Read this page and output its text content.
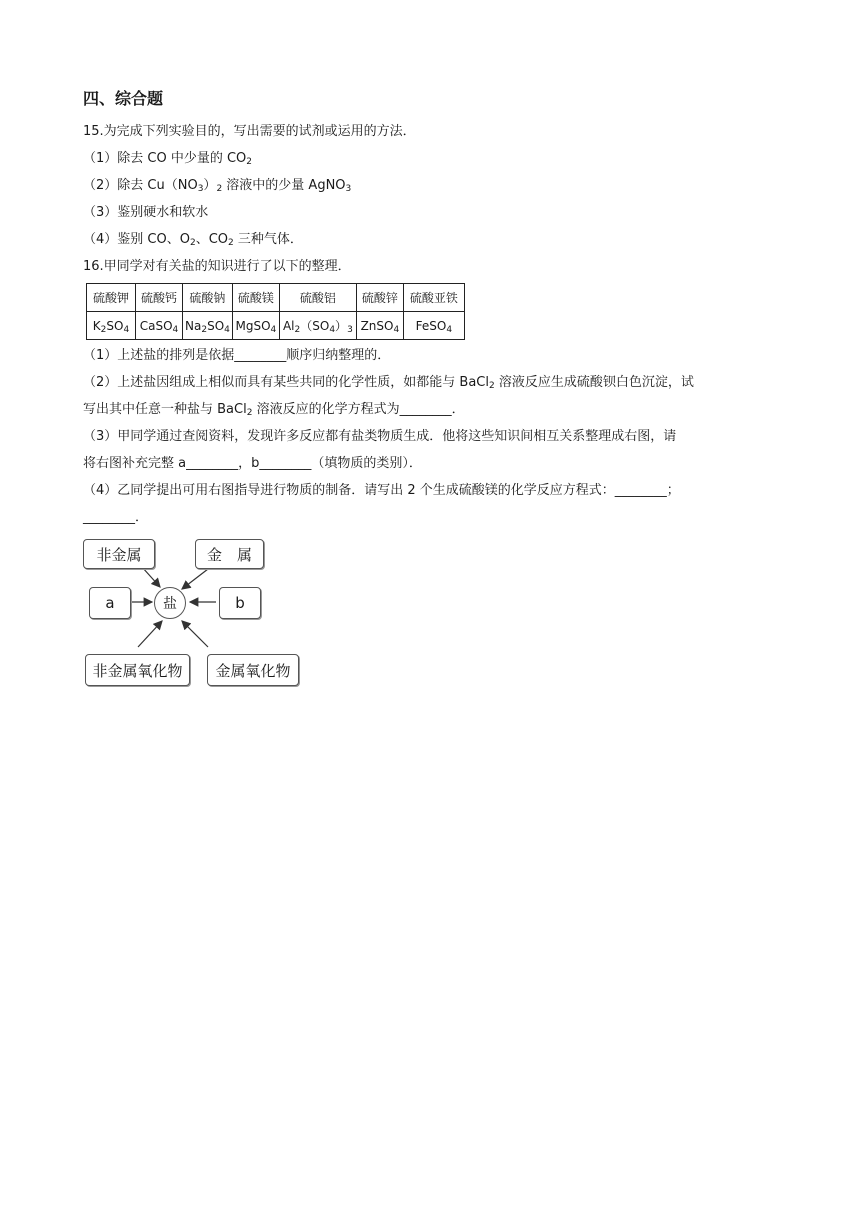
四、综合题
15.为完成下列实验目的，写出需要的试剂或运用的方法．
（1）除去 CO 中少量的 $CO_2$
（2）除去 $Cu(NO_3)_2$ 溶液中的少量 AgNO$_3$
（3）鉴别硬水和软水
（4）鉴别 CO、$O_2$、$CO_2$ 三种气体．
16.甲同学对有关盐的知识进行了以下的整理．
硫酸钾	硫酸钙	硫酸钠	硫酸镁	硫酸铝	硫酸锌	硫酸亚铁
$K_2SO_4$	CaSO$_4$	$Na_2SO_4$	MgSO$_4$	$Al_2(SO_4)_3$	ZnSO$_4$	FeSO$_4$
（1）上述盐的排列是依据________顺序归纳整理的．
（2）上述盐因组成上相似而具有某些共同的化学性质，如都能与 BaCl$_2$ 溶液反应生成硫酸钡白色沉淀，试
写出其中任意一种盐与 BaCl$_2$ 溶液反应的化学方程式为________．
（3）甲同学通过查阅资料，发现许多反应都有盐类物质生成．他将这些知识间相互关系整理成右图，请
将右图补充完整 a________，b________（填物质的类别）．
（4）乙同学提出可用右图指导进行物质的制备．请写出 2 个生成硫酸镁的化学反应方程式：________；
________．
非金属	金　属
a	盐	b
非金属氧化物	金属氧化物
